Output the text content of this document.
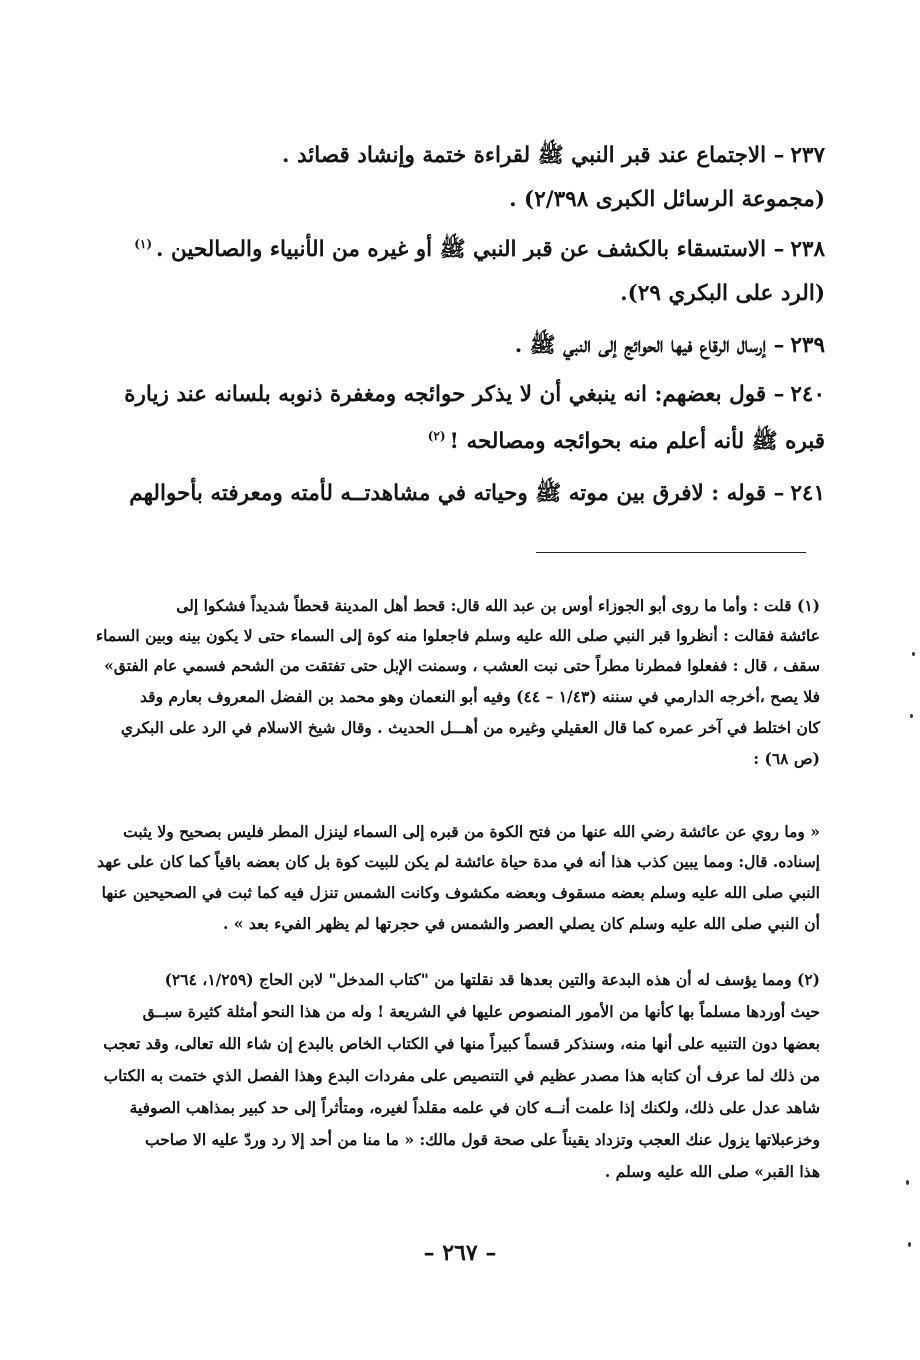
٢٣٧– الاجتماع عند قبر النبي ﷺ لقراءة ختمة وإنشاد قصائد .
(مجموعة الرسائل الكبرى ٢/٣٩٨) .
٢٣٨– الاستسقاء بالكشف عن قبر النبي ﷺ أو غيره من الأنبياء والصالحين .$^{(١)}$
(الرد على البكري ٢٩).
٢٣٩– إرسال الرقاع فيها الحوائج إلى النبي ﷺ .
٢٤٠– قول بعضهم: انه ينبغي أن لا يذكر حوائجه ومغفرة ذنوبه بلسانه عند زيارة
قبره ﷺ لأنه أعلم منه بحوائجه ومصالحه !$^{(٢)}$
٢٤١– قوله : لافرق بين موته ﷺ وحياته في مشاهدتــه لأمته ومعرفته بأحوالهم
(١) قلت : وأما ما روى أبو الجوزاء أوس بن عبد الله قال: قحط أهل المدينة قحطاً شديداً فشكوا إلى
عائشة فقالت : أنظروا قبر النبي صلى الله عليه وسلم فاجعلوا منه كوة إلى السماء حتى لا يكون بينه وبين السماء
سقف ، قال : ففعلوا فمطرنا مطراً حتى نبت العشب ، وسمنت الإبل حتى تفتقت من الشحم فسمي عام الفتق»
فلا يصح ،أخرجه الدارمي في سننه (١/٤٣ – ٤٤) وفيه أبو النعمان وهو محمد بن الفضل المعروف بعارم وقد
كان اختلط في آخر عمره كما قال العقيلي وغيره من أهـــل الحديث . وقال شيخ الاسلام في الرد على البكري
(ص ٦٨) :
« وما روي عن عائشة رضي الله عنها من فتح الكوة من قبره إلى السماء لينزل المطر فليس بصحيح ولا يثبت
إسناده. قال: ومما يبين كذب هذا أنه في مدة حياة عائشة لم يكن للبيت كوة بل كان بعضه باقياً كما كان على عهد
النبي صلى الله عليه وسلم بعضه مسقوف وبعضه مكشوف وكانت الشمس تنزل فيه كما ثبت في الصحيحين عنها
أن النبي صلى الله عليه وسلم كان يصلي العصر والشمس في حجرتها لم يظهر الفيء بعد » .
(٢) ومما يؤسف له أن هذه البدعة والتين بعدها قد نقلتها من "كتاب المدخل" لابن الحاج (١/٢٥٩، ٢٦٤)
حيث أوردها مسلماً بها كأنها من الأمور المنصوص عليها في الشريعة ! وله من هذا النحو أمثلة كثيرة سبــق
بعضها دون التنبيه على أنها منه، وسنذكر قسماً كبيراً منها في الكتاب الخاص بالبدع إن شاء الله تعالى، وقد تعجب
من ذلك لما عرف أن كتابه هذا مصدر عظيم في التنصيص على مفردات البدع وهذا الفصل الذي ختمت به الكتاب
شاهد عدل على ذلك، ولكنك إذا علمت أنــه كان في علمه مقلداً لغيره، ومتأثراً إلى حد كبير بمذاهب الصوفية
وخزعبلاتها يزول عنك العجب وتزداد يقيناً على صحة قول مالك: « ما منا من أحد إلا رد وردّ عليه الا صاحب
هذا القبر» صلى الله عليه وسلم .
– ٢٦٧ –
